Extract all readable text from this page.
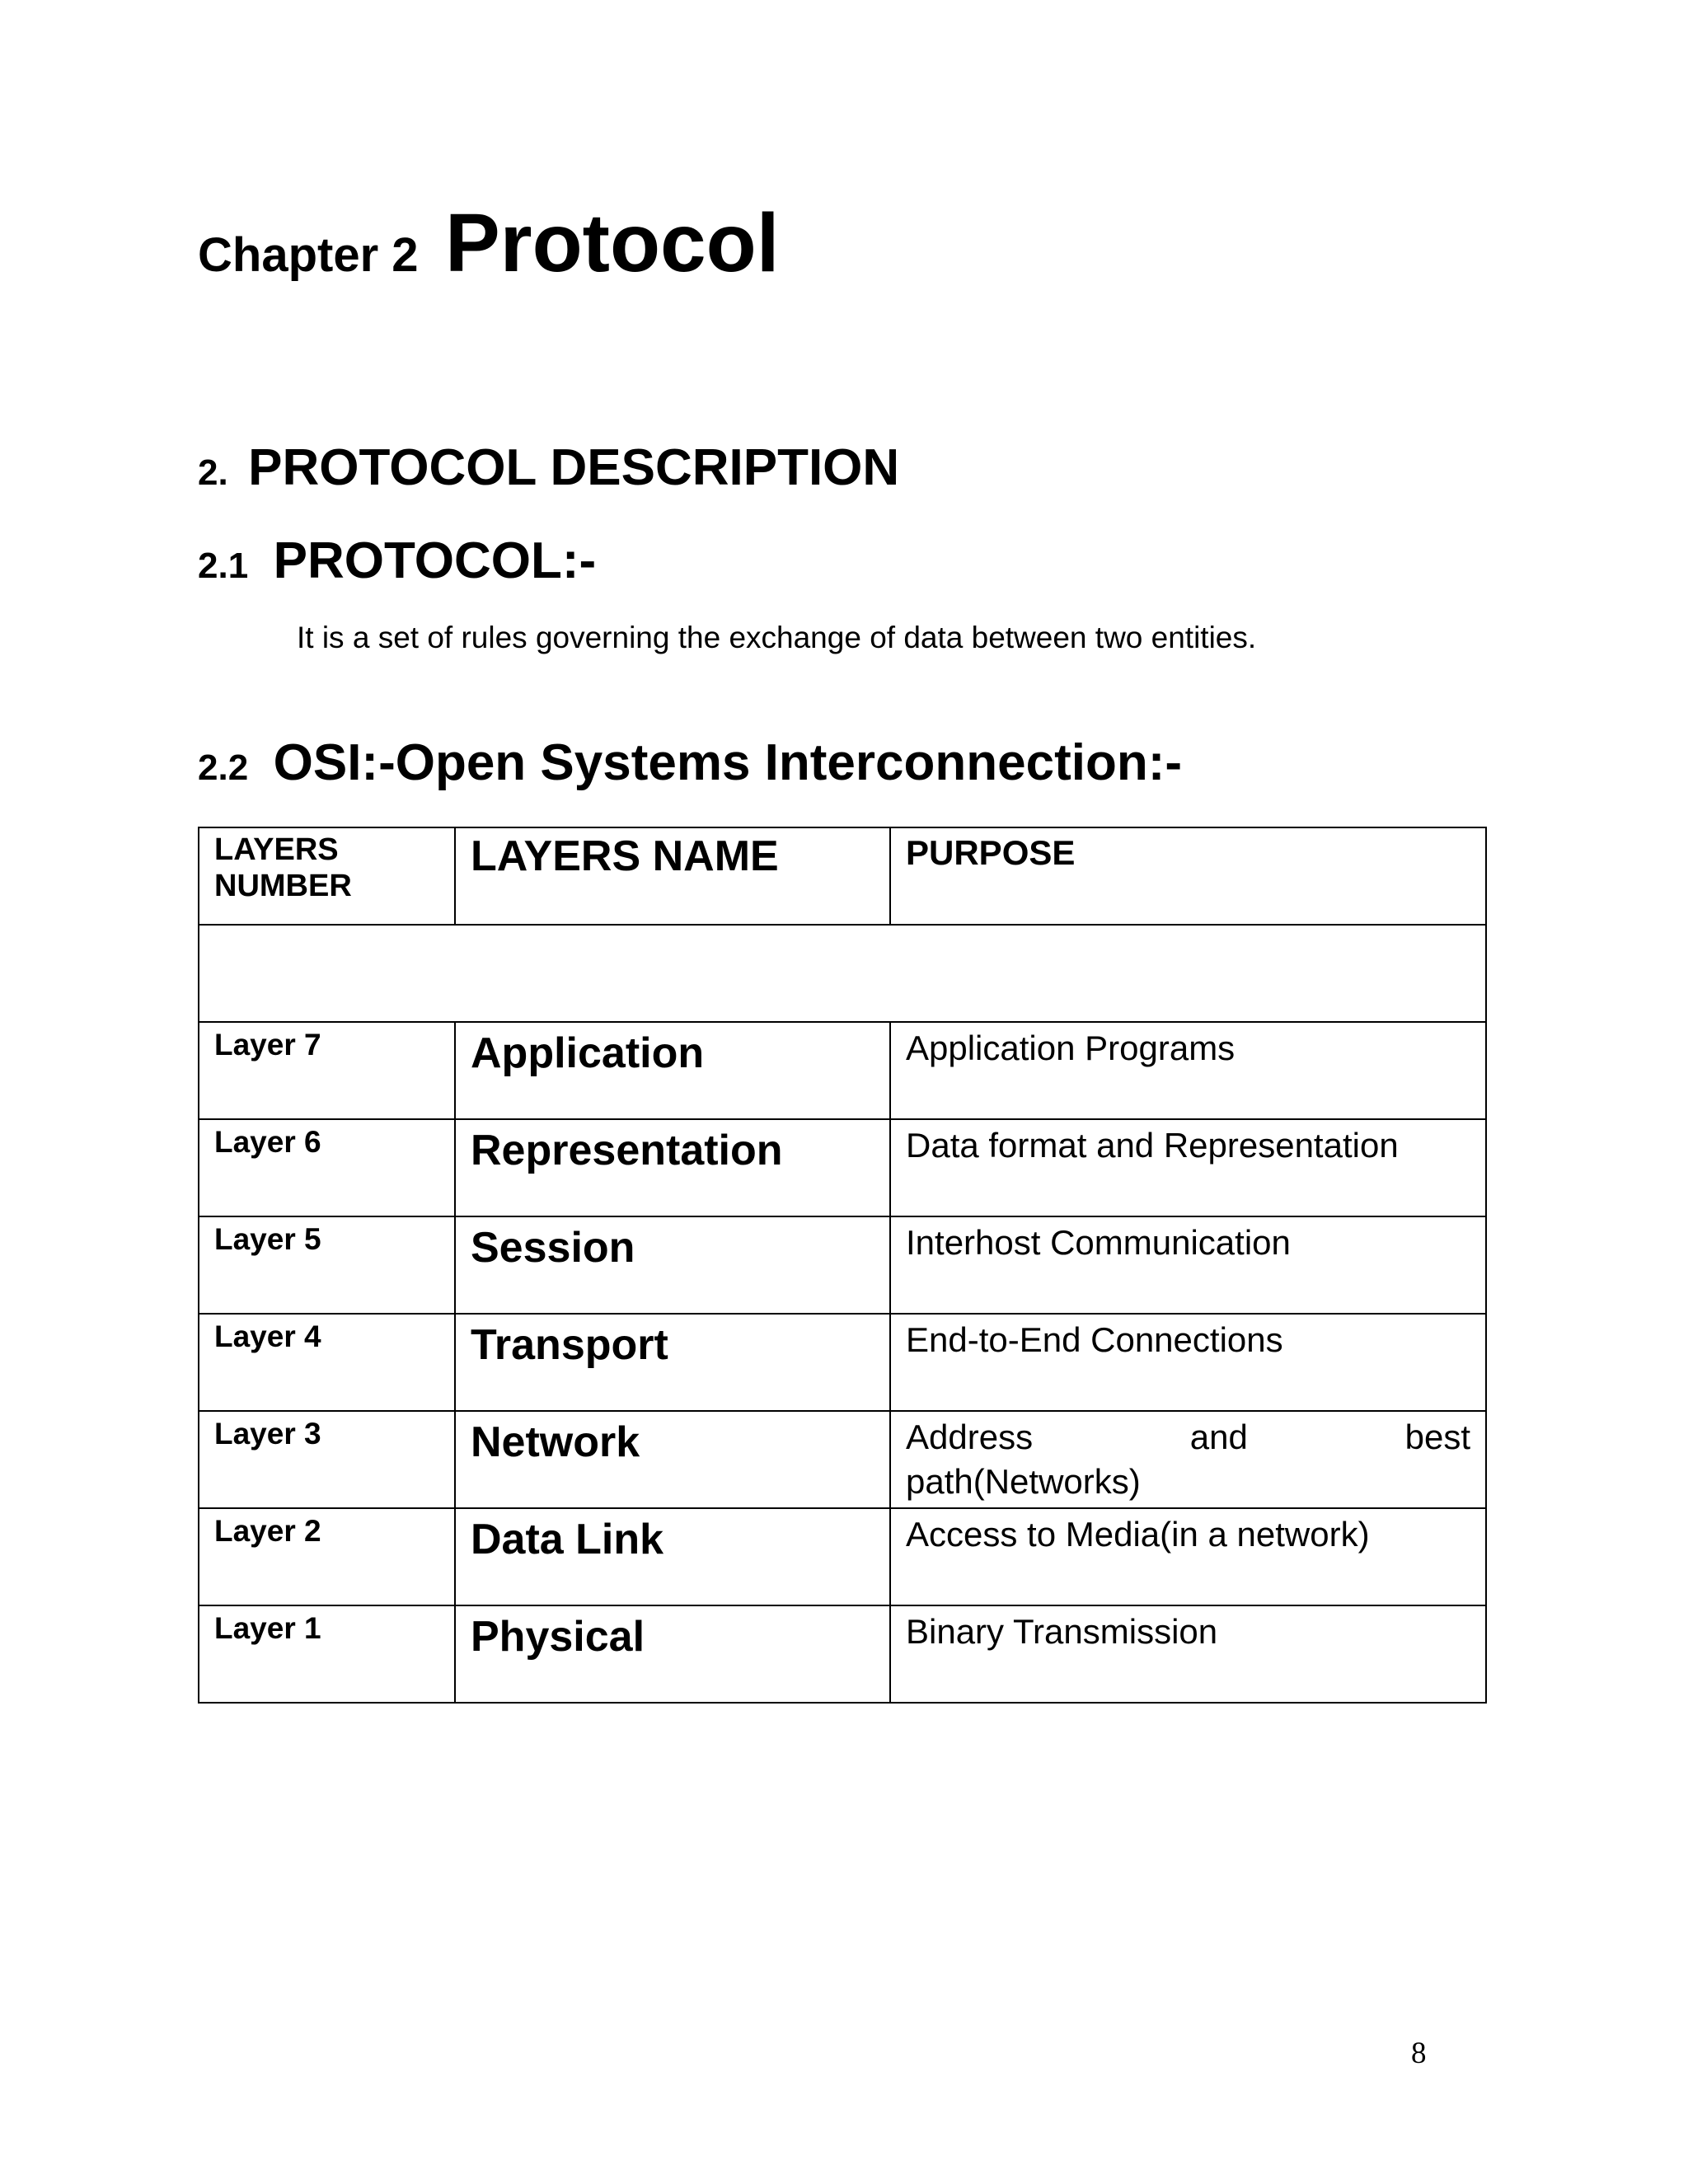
Chapter 2 Protocol
2. PROTOCOL DESCRIPTION
2.1 PROTOCOL:-
It is a set of rules governing the exchange of data between two entities.
2.2 OSI:-Open Systems Interconnection:-
LAYERS
NUMBER	LAYERS NAME	PURPOSE

Layer 7	Application	Application Programs

Layer 6	Representation	Data format and Representation

Layer 5	Session	Interhost Communication

Layer 4	Transport	End-to-End Connections

Layer 3	Network	Address and best
path(Networks)

Layer 2	Data Link	Access to Media(in a network)

Layer 1	Physical	Binary Transmission
8
